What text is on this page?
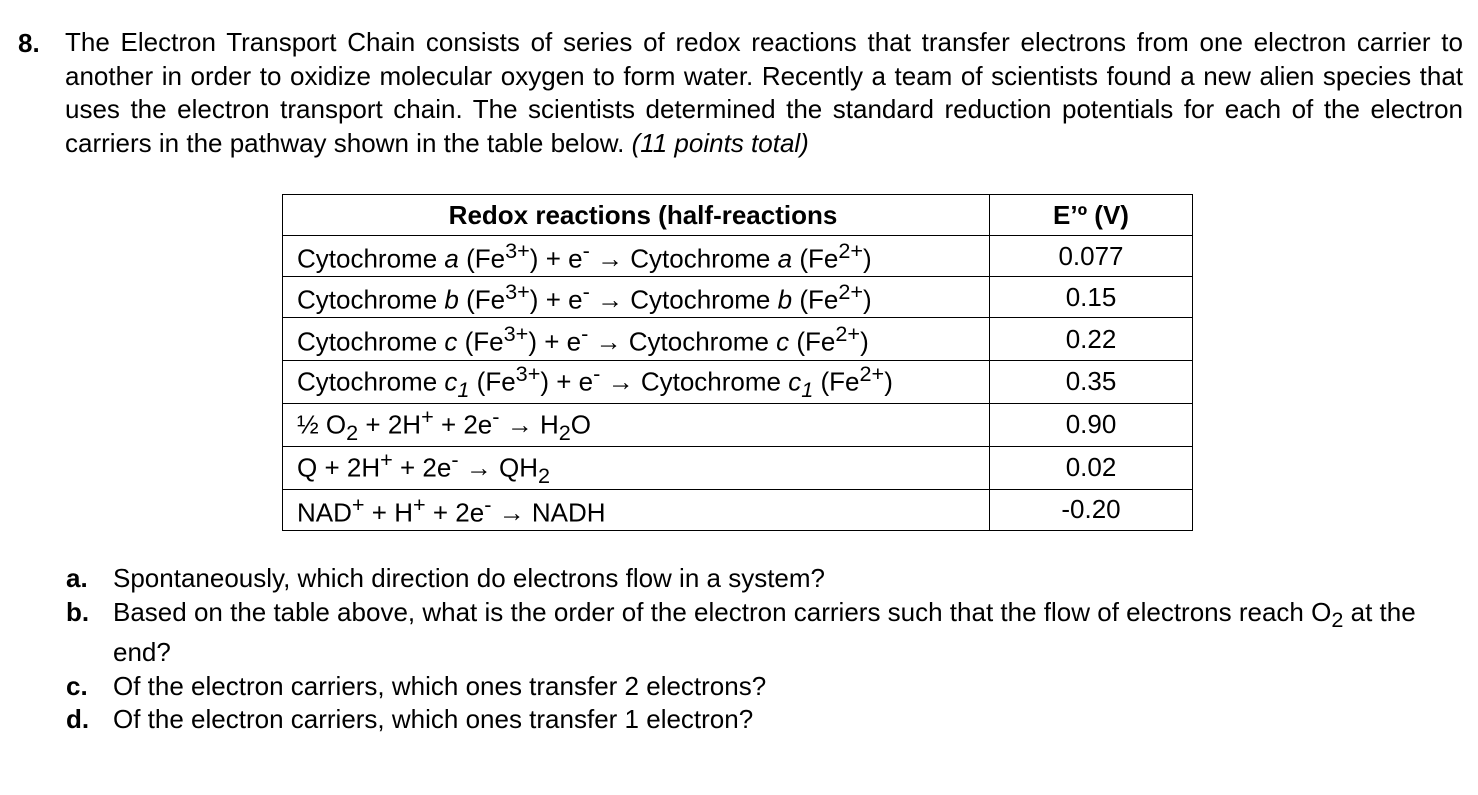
8. The Electron Transport Chain consists of series of redox reactions that transfer electrons from one electron carrier to another in order to oxidize molecular oxygen to form water. Recently a team of scientists found a new alien species that uses the electron transport chain. The scientists determined the standard reduction potentials for each of the electron carriers in the pathway shown in the table below. (11 points total)
Redox reactions (half-reactions	E’º (V)
Cytochrome a $(Fe^{3+}) + e^-$ → Cytochrome a $(Fe^{2+})$	0.077
Cytochrome b $(Fe^{3+}) + e^-$ → Cytochrome b $(Fe^{2+})$	0.15
Cytochrome c $(Fe^{3+}) + e^-$ → Cytochrome c $(Fe^{2+})$	0.22
Cytochrome $c_1$ $(Fe^{3+}) + e^-$ → Cytochrome $c_1$ $(Fe^{2+})$	0.35
½ $O_2 + 2H^+ + 2e^- \to H_2O$	0.90
$Q + 2H^+ + 2e^- \to QH_2$	0.02
NAD+ + H+ + 2e- → NADH	-0.20
a. Spontaneously, which direction do electrons flow in a system?
b. Based on the table above, what is the order of the electron carriers such that the flow of electrons reach $O_2$ at the end?
c. Of the electron carriers, which ones transfer 2 electrons?
d. Of the electron carriers, which ones transfer 1 electron?
